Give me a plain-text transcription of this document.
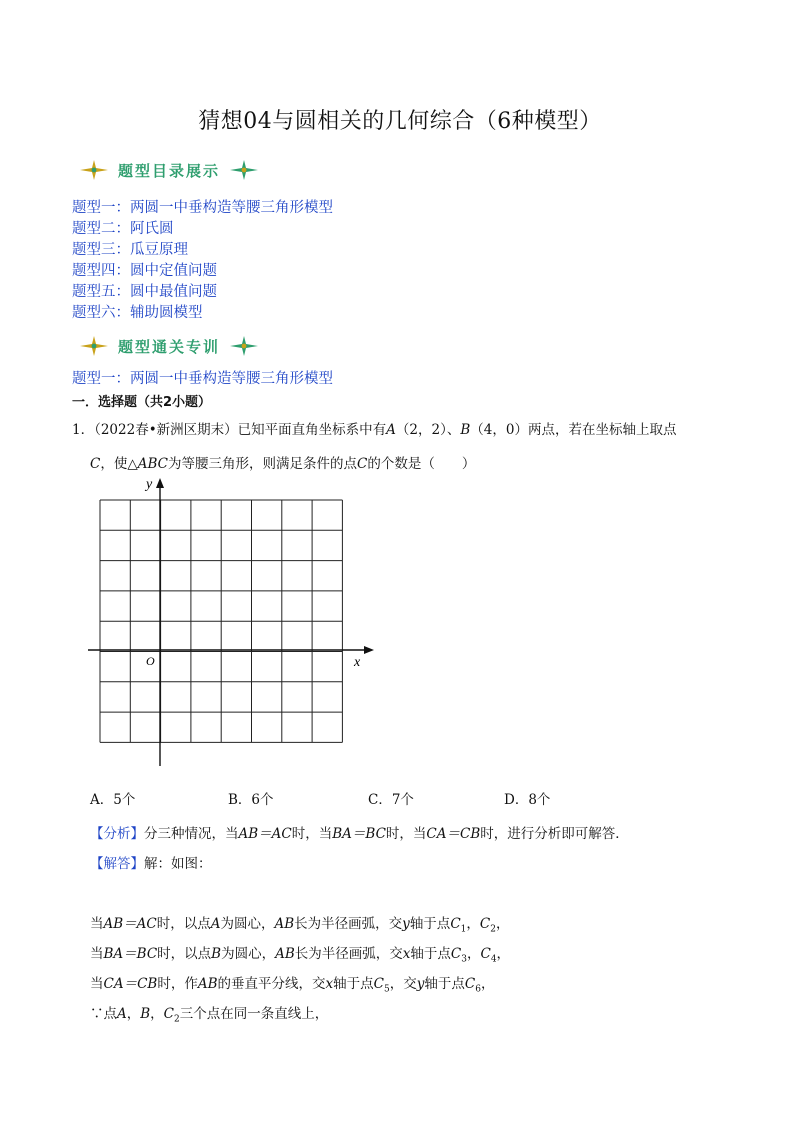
猜想04与圆相关的几何综合（6种模型）
题型目录展示
题型一：两圆一中垂构造等腰三角形模型
题型二：阿氏圆
题型三：瓜豆原理
题型四：圆中定值问题
题型五：圆中最值问题
题型六：辅助圆模型
题型通关专训
题型一：两圆一中垂构造等腰三角形模型
一．选择题（共2小题）
1．（2022春•新洲区期末）已知平面直角坐标系中有A（2，2）、B（4，0）两点，若在坐标轴上取点
C，使△ABC为等腰三角形，则满足条件的点C的个数是（　　）
y
x
O
A．5个	B．6个	C．7个	D．8个
【分析】分三种情况，当AB＝AC时，当BA＝BC时，当CA＝CB时，进行分析即可解答．
【解答】解：如图：
当AB＝AC时，以点A为圆心，AB长为半径画弧，交y轴于点$C_1$，$C_2$，
当BA＝BC时，以点B为圆心，AB长为半径画弧，交x轴于点$C_3$，$C_4$，
当CA＝CB时，作AB的垂直平分线，交x轴于点$C_5$，交y轴于点$C_6$，
∵点A，B，$C_2$三个点在同一条直线上，
